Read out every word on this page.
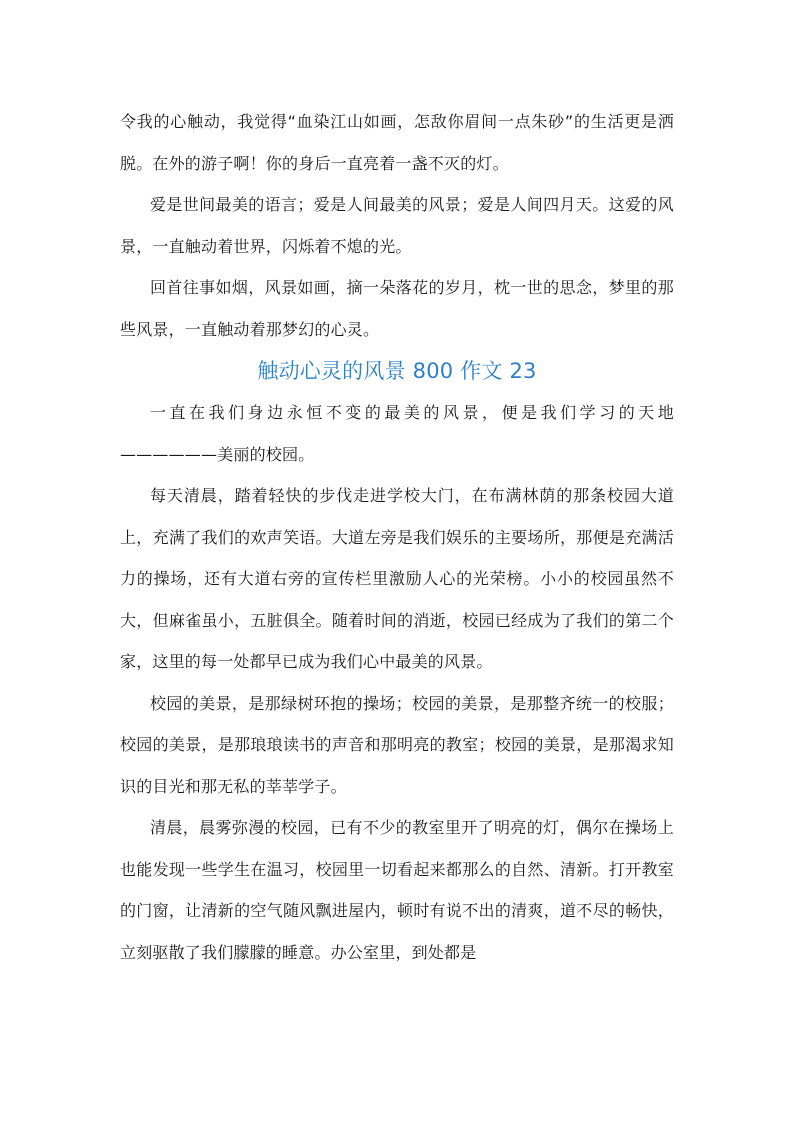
令我的心触动，我觉得“血染江山如画，怎敌你眉间一点朱砂”的生活更是洒脱。在外的游子啊！你的身后一直亮着一盏不灭的灯。

爱是世间最美的语言；爱是人间最美的风景；爱是人间四月天。这爱的风景，一直触动着世界，闪烁着不熄的光。

回首往事如烟，风景如画，摘一朵落花的岁月，枕一世的思念，梦里的那些风景，一直触动着那梦幻的心灵。

触动心灵的风景 800 作文 23

一直在我们身边永恒不变的最美的风景，便是我们学习的天地——————美丽的校园。

每天清晨，踏着轻快的步伐走进学校大门，在布满林荫的那条校园大道上，充满了我们的欢声笑语。大道左旁是我们娱乐的主要场所，那便是充满活力的操场，还有大道右旁的宣传栏里激励人心的光荣榜。小小的校园虽然不大，但麻雀虽小，五脏俱全。随着时间的消逝，校园已经成为了我们的第二个家，这里的每一处都早已成为我们心中最美的风景。

校园的美景，是那绿树环抱的操场；校园的美景，是那整齐统一的校服；校园的美景，是那琅琅读书的声音和那明亮的教室；校园的美景，是那渴求知识的目光和那无私的莘莘学子。

清晨，晨雾弥漫的校园，已有不少的教室里开了明亮的灯，偶尔在操场上也能发现一些学生在温习，校园里一切看起来都那么的自然、清新。打开教室的门窗，让清新的空气随风飘进屋内，顿时有说不出的清爽，道不尽的畅快，立刻驱散了我们朦朦的睡意。办公室里，到处都是
